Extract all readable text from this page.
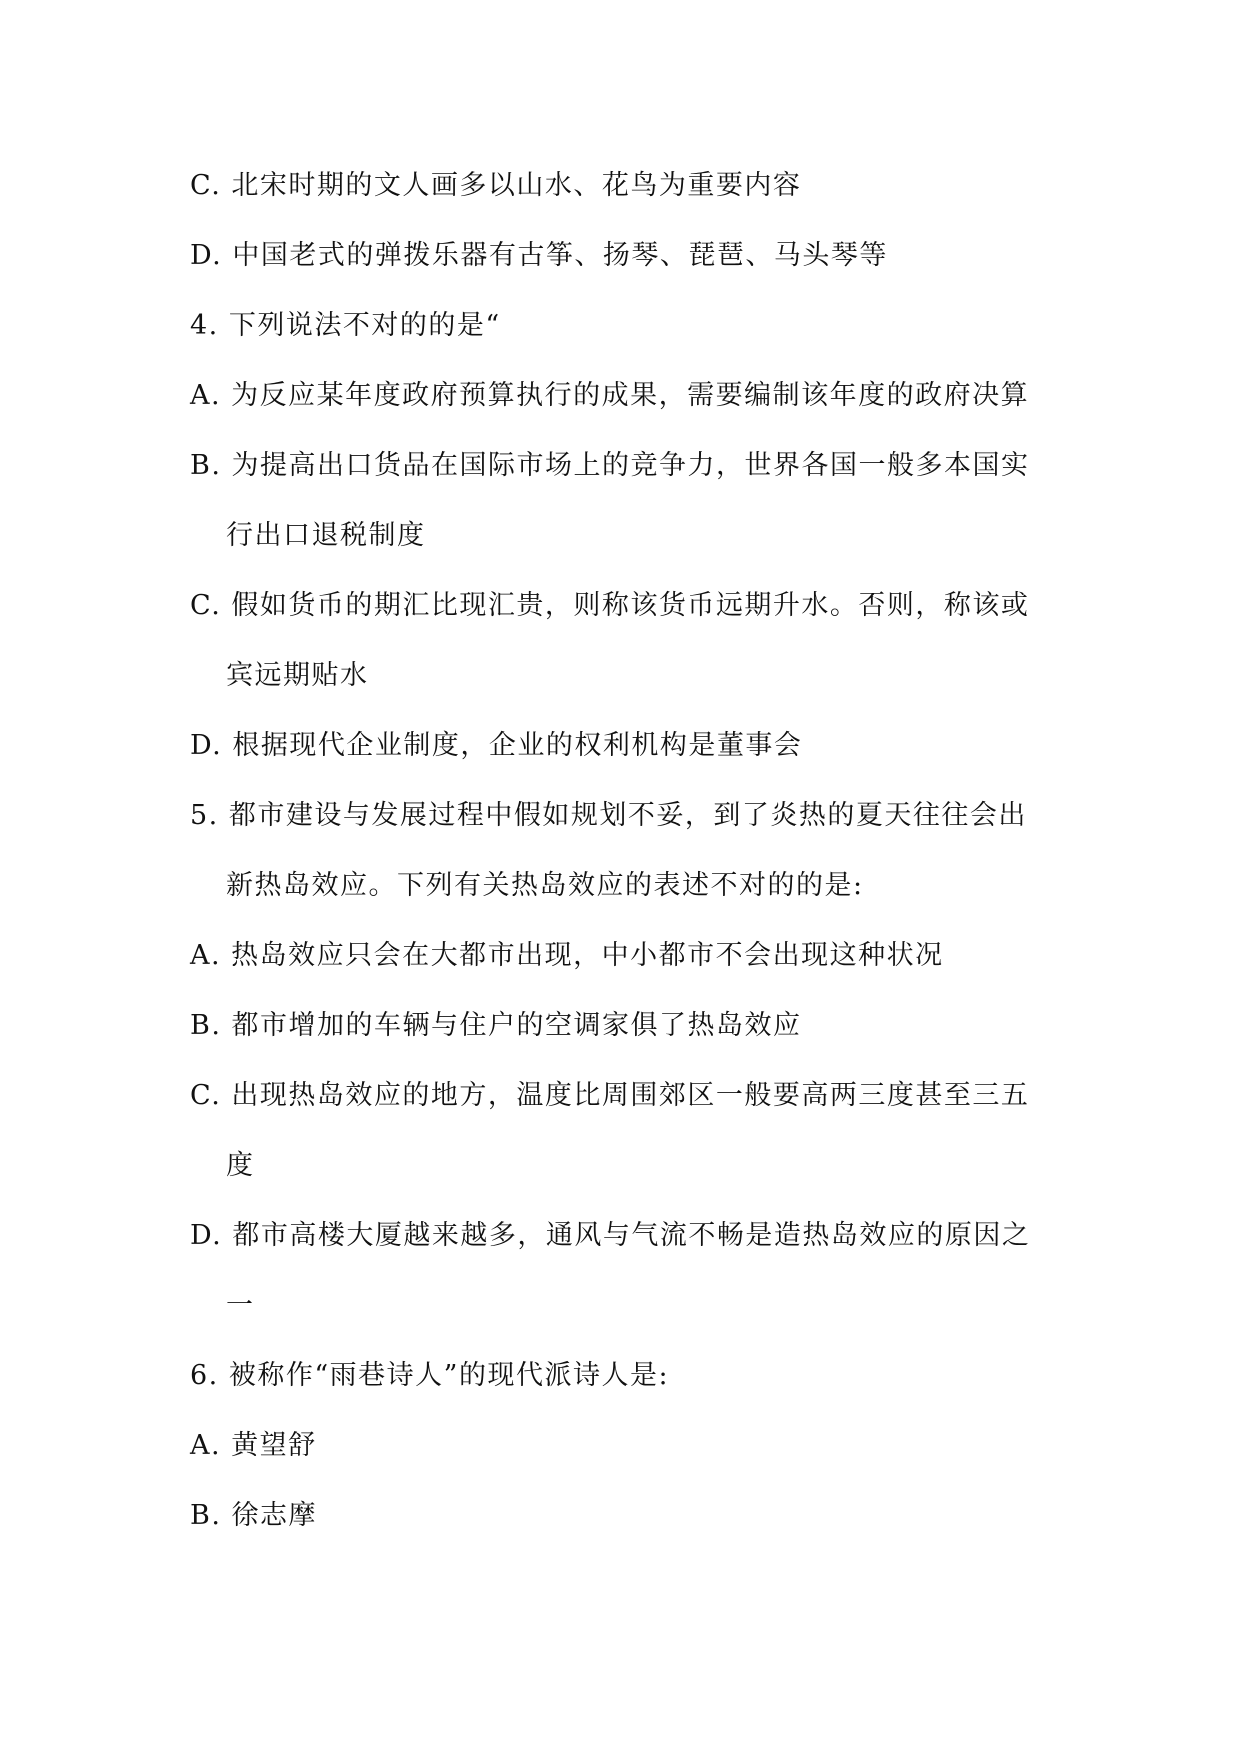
C. 北宋时期的文人画多以山水、花鸟为重要内容
D. 中国老式的弹拨乐器有古筝、扬琴、琵琶、马头琴等
4. 下列说法不对的的是“
A. 为反应某年度政府预算执行的成果，需要编制该年度的政府决算
B. 为提高出口货品在国际市场上的竞争力，世界各国一般多本国实
行出口退税制度
C. 假如货币的期汇比现汇贵，则称该货币远期升水。否则，称该或
宾远期贴水
D. 根据现代企业制度，企业的权利机构是董事会
5. 都市建设与发展过程中假如规划不妥，到了炎热的夏天往往会出
新热岛效应。下列有关热岛效应的表述不对的的是:
A. 热岛效应只会在大都市出现，中小都市不会出现这种状况
B. 都市增加的车辆与住户的空调家俱了热岛效应
C. 出现热岛效应的地方，温度比周围郊区一般要高两三度甚至三五
度
D. 都市高楼大厦越来越多，通风与气流不畅是造热岛效应的原因之
一
6. 被称作“雨巷诗人”的现代派诗人是:
A. 黄望舒
B. 徐志摩
